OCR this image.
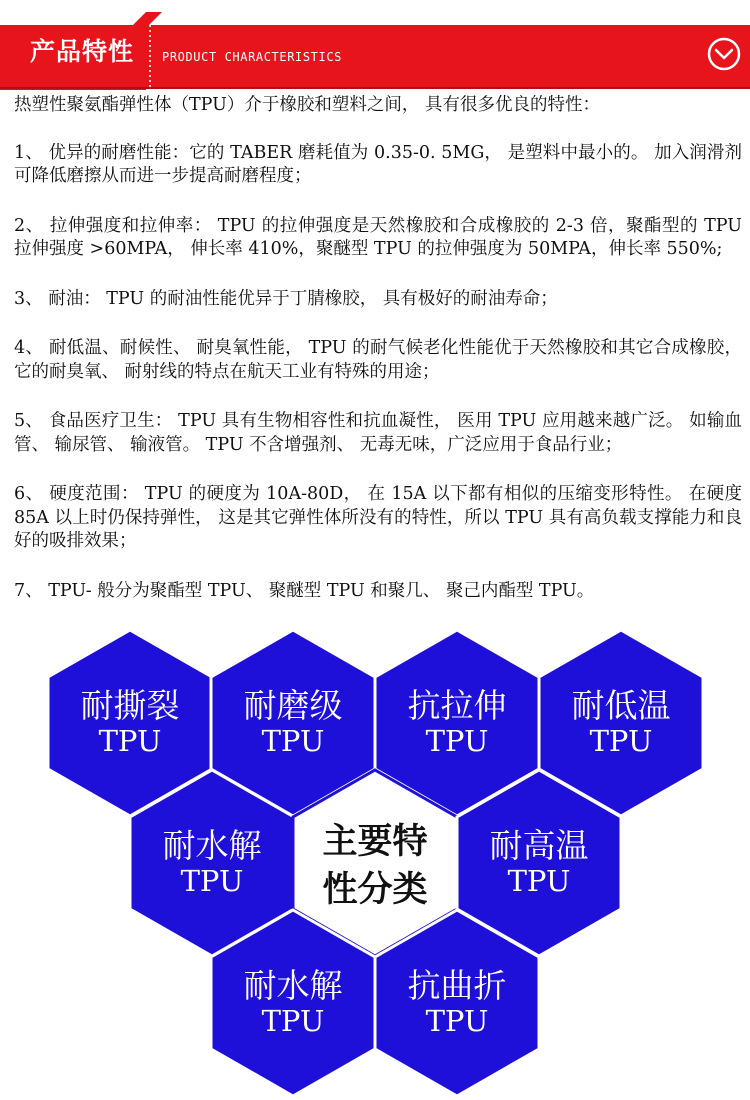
产品特性	PRODUCT CHARACTERISTICS

热塑性聚氨酯弹性体（TPU）介于橡胶和塑料之间， 具有很多优良的特性：

1、 优异的耐磨性能：它的 TABER 磨耗值为 0.35-0. 5MG， 是塑料中最小的。 加入润滑剂可降低磨擦从而进一步提高耐磨程度；

2、 拉伸强度和拉伸率： TPU 的拉伸强度是天然橡胶和合成橡胶的 2-3 倍，聚酯型的 TPU 拉伸强度 >60MPA， 伸长率 410%，聚醚型 TPU 的拉伸强度为 50MPA，伸长率 550%;

3、 耐油： TPU 的耐油性能优异于丁腈橡胶， 具有极好的耐油寿命；

4、 耐低温、耐候性、 耐臭氧性能， TPU 的耐气候老化性能优于天然橡胶和其它合成橡胶， 它的耐臭氧、 耐射线的特点在航天工业有特殊的用途；

5、 食品医疗卫生： TPU 具有生物相容性和抗血凝性， 医用 TPU 应用越来越广泛。 如输血管、 输尿管、 输液管。 TPU 不含增强剂、 无毒无味，广泛应用于食品行业；

6、 硬度范围： TPU 的硬度为 10A-80D， 在 15A 以下都有相似的压缩变形特性。 在硬度 85A 以上时仍保持弹性， 这是其它弹性体所没有的特性，所以 TPU 具有高负载支撑能力和良好的吸排效果；

7、 TPU- 般分为聚酯型 TPU、 聚醚型 TPU 和聚几、 聚己内酯型 TPU。

耐撕裂
TPU
耐磨级
TPU
抗拉伸
TPU
耐低温
TPU
耐水解
TPU
主要特
性分类
耐高温
TPU
耐水解
TPU
抗曲折
TPU
